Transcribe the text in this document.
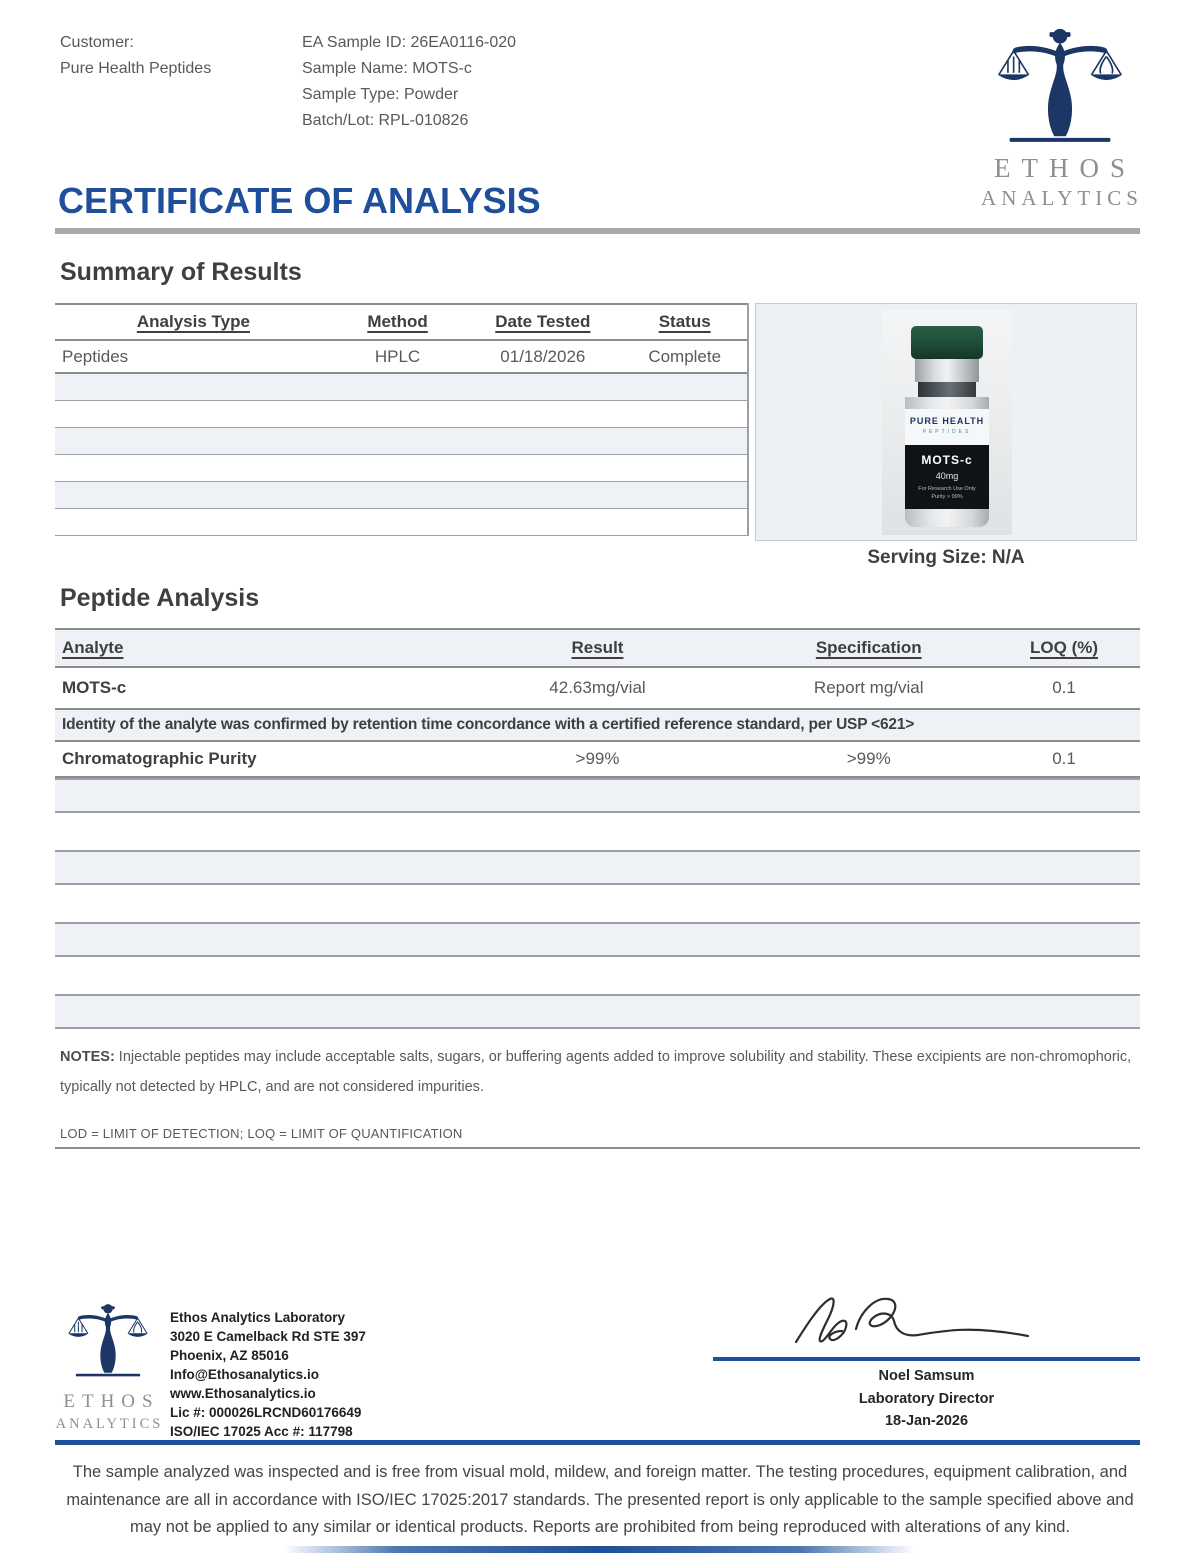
Customer:
Pure Health Peptides
EA Sample ID: 26EA0116-020
Sample Name: MOTS-c
Sample Type: Powder
Batch/Lot: RPL-010826
ETHOS
ANALYTICS
CERTIFICATE OF ANALYSIS
Summary of Results
Analysis Type	Method	Date Tested	Status
Peptides	HPLC	01/18/2026	Complete
PURE HEALTH
PEPTIDES
MOTS-c
40mg
For Research Use Only
Purity > 99%
Serving Size: N/A
Peptide Analysis
Analyte	Result	Specification	LOQ (%)
MOTS-c	42.63mg/vial	Report mg/vial	0.1
Identity of the analyte was confirmed by retention time concordance with a certified reference standard, per USP <621>
Chromatographic Purity	>99%	>99%	0.1
NOTES: Injectable peptides may include acceptable salts, sugars, or buffering agents added to improve solubility and stability. These excipients are non-chromophoric, typically not detected by HPLC, and are not considered impurities.
LOD = LIMIT OF DETECTION; LOQ = LIMIT OF QUANTIFICATION
ETHOS
ANALYTICS
Ethos Analytics Laboratory
3020 E Camelback Rd STE 397
Phoenix, AZ 85016
Info@Ethosanalytics.io
www.Ethosanalytics.io
Lic #: 000026LRCND60176649
ISO/IEC 17025 Acc #: 117798
Noel Samsum
Laboratory Director
18-Jan-2026
The sample analyzed was inspected and is free from visual mold, mildew, and foreign matter. The testing procedures, equipment calibration, and maintenance are all in accordance with ISO/IEC 17025:2017 standards. The presented report is only applicable to the sample specified above and may not be applied to any similar or identical products. Reports are prohibited from being reproduced with alterations of any kind.
